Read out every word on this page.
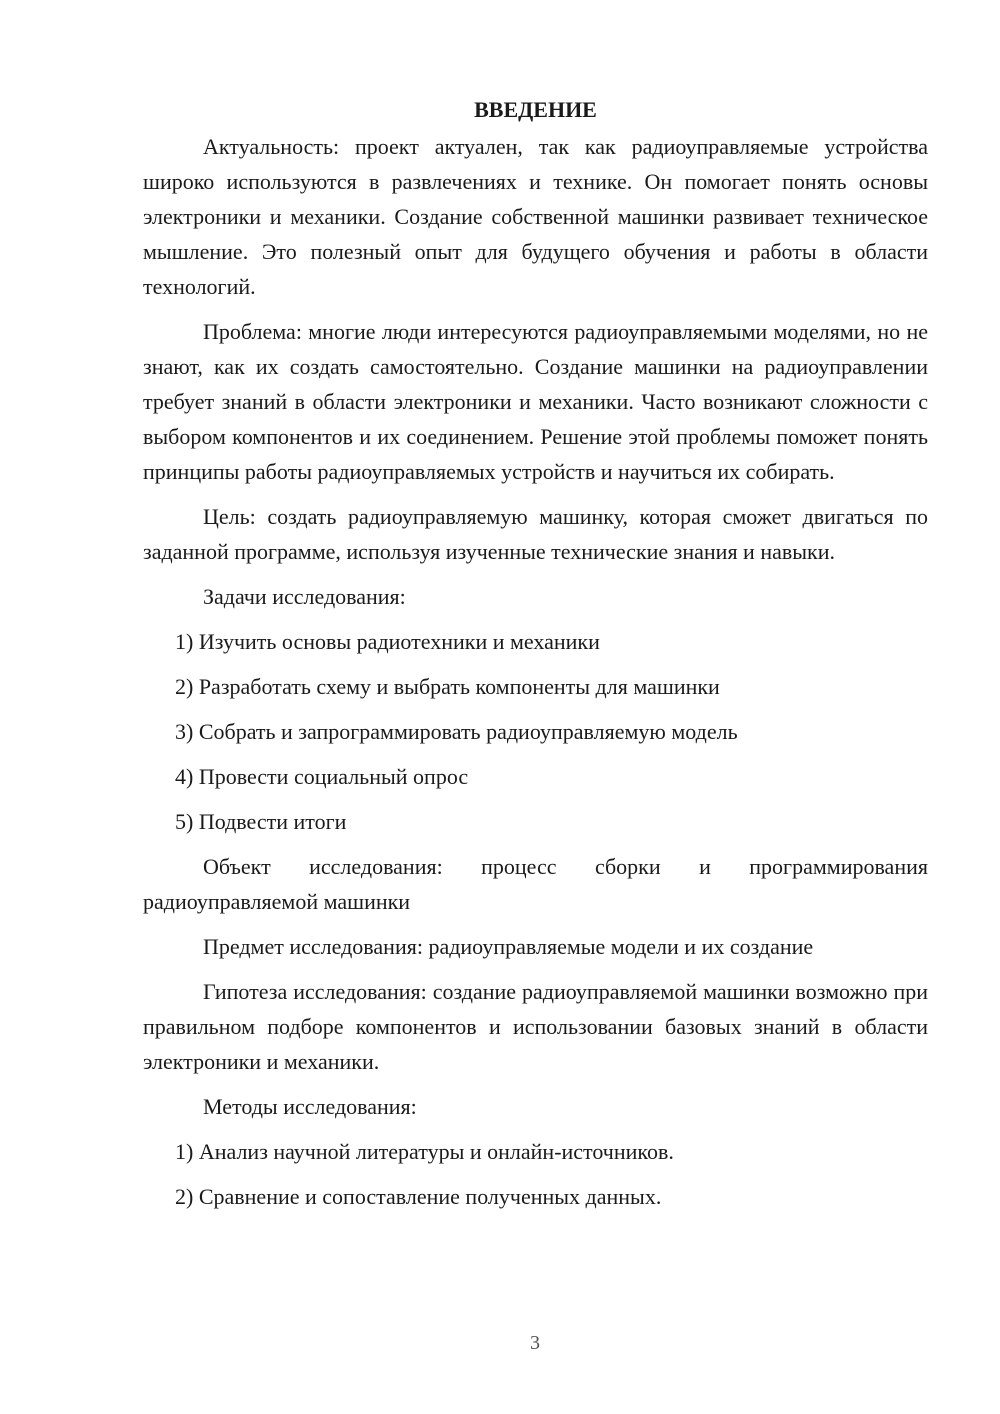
ВВЕДЕНИЕ

Актуальность: проект актуален, так как радиоуправляемые устройства широко используются в развлечениях и технике. Он помогает понять основы электроники и механики. Создание собственной машинки развивает техническое мышление. Это полезный опыт для будущего обучения и работы в области технологий.

Проблема: многие люди интересуются радиоуправляемыми моделями, но не знают, как их создать самостоятельно. Создание машинки на радиоуправлении требует знаний в области электроники и механики. Часто возникают сложности с выбором компонентов и их соединением. Решение этой проблемы поможет понять принципы работы радиоуправляемых устройств и научиться их собирать.

Цель: создать радиоуправляемую машинку, которая сможет двигаться по заданной программе, используя изученные технические знания и навыки.

Задачи исследования:

1) Изучить основы радиотехники и механики

2) Разработать схему и выбрать компоненты для машинки

3) Собрать и запрограммировать радиоуправляемую модель

4) Провести социальный опрос

5) Подвести итоги

Объект исследования: процесс сборки и программирования радиоуправляемой машинки

Предмет исследования: радиоуправляемые модели и их создание

Гипотеза исследования: создание радиоуправляемой машинки возможно при правильном подборе компонентов и использовании базовых знаний в области электроники и механики.

Методы исследования:

1) Анализ научной литературы и онлайн-источников.

2) Сравнение и сопоставление полученных данных.

3
